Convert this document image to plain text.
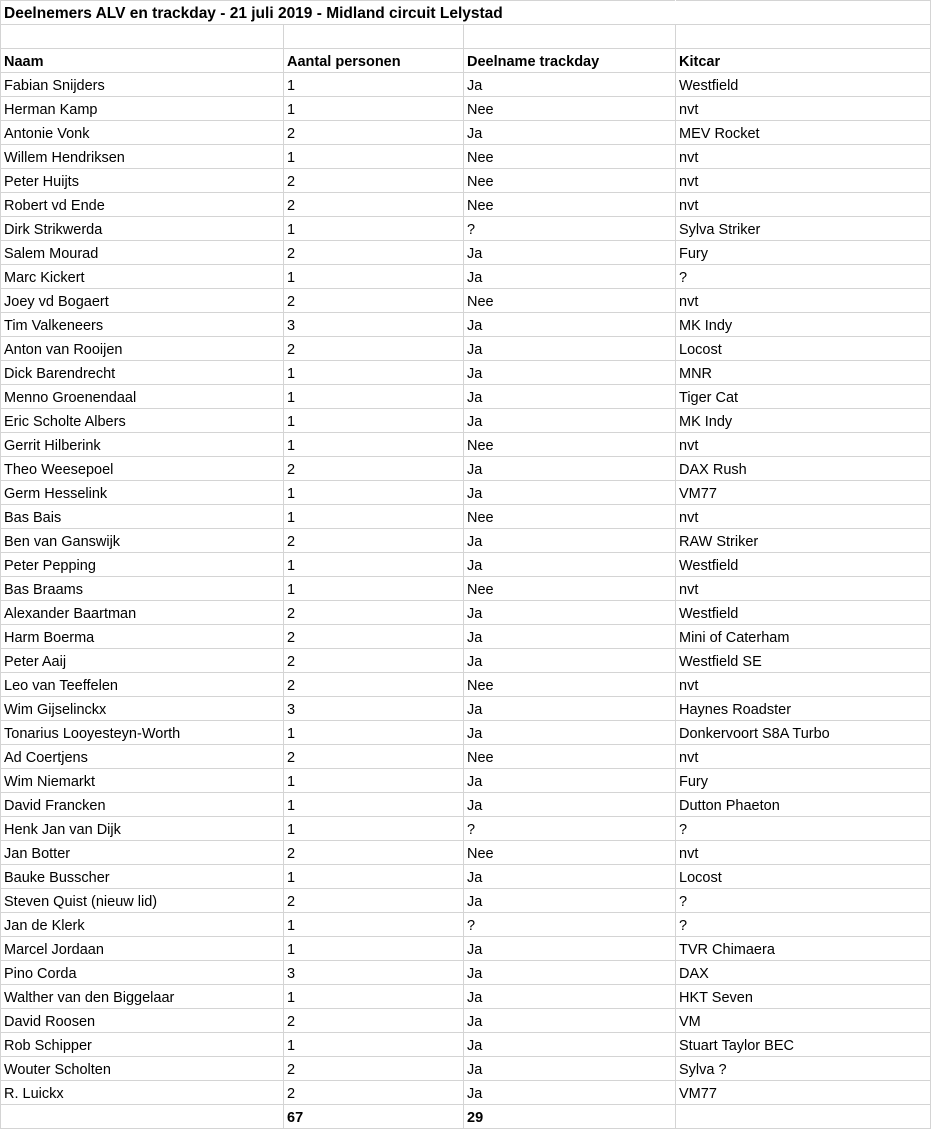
Deelnemers ALV en trackday - 21 juli 2019 - Midland circuit Lelystad			

Naam	Aantal personen	Deelname trackday	Kitcar
Fabian Snijders	1	Ja	Westfield
Herman Kamp	1	Nee	nvt
Antonie Vonk	2	Ja	MEV Rocket
Willem Hendriksen	1	Nee	nvt
Peter Huijts	2	Nee	nvt
Robert vd Ende	2	Nee	nvt
Dirk Strikwerda	1	?	Sylva Striker
Salem Mourad	2	Ja	Fury
Marc Kickert	1	Ja	?
Joey vd Bogaert	2	Nee	nvt
Tim Valkeneers	3	Ja	MK Indy
Anton van Rooijen	2	Ja	Locost
Dick Barendrecht	1	Ja	MNR
Menno Groenendaal	1	Ja	Tiger Cat
Eric Scholte Albers	1	Ja	MK Indy
Gerrit Hilberink	1	Nee	nvt
Theo Weesepoel	2	Ja	DAX Rush
Germ Hesselink	1	Ja	VM77
Bas Bais	1	Nee	nvt
Ben van Ganswijk	2	Ja	RAW Striker
Peter Pepping	1	Ja	Westfield
Bas Braams	1	Nee	nvt
Alexander Baartman	2	Ja	Westfield
Harm Boerma	2	Ja	Mini of Caterham
Peter Aaij	2	Ja	Westfield SE
Leo van Teeffelen	2	Nee	nvt
Wim Gijselinckx	3	Ja	Haynes Roadster
Tonarius Looyesteyn-Worth	1	Ja	Donkervoort S8A Turbo
Ad Coertjens	2	Nee	nvt
Wim Niemarkt	1	Ja	Fury
David Francken	1	Ja	Dutton Phaeton
Henk Jan van Dijk	1	?	?
Jan Botter	2	Nee	nvt
Bauke Busscher	1	Ja	Locost
Steven Quist (nieuw lid)	2	Ja	?
Jan de Klerk	1	?	?
Marcel Jordaan	1	Ja	TVR Chimaera
Pino Corda	3	Ja	DAX
Walther van den Biggelaar	1	Ja	HKT Seven
David Roosen	2	Ja	VM
Rob Schipper	1	Ja	Stuart Taylor BEC
Wouter Scholten	2	Ja	Sylva ?
R. Luickx	2	Ja	VM77
	67	29	
